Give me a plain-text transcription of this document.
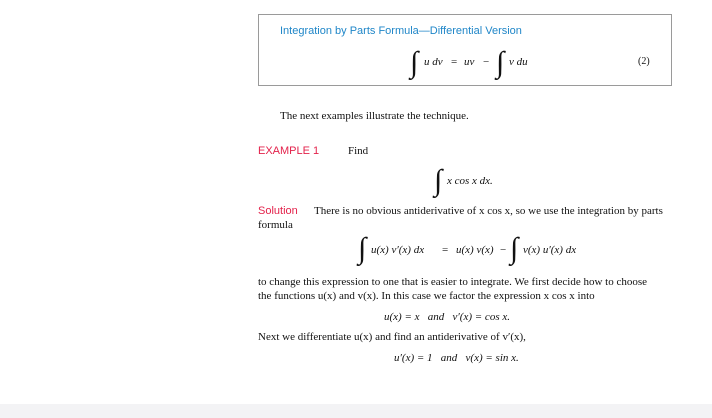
Integration by Parts Formula—Differential Version
∫ u dv = uv − ∫ v du	(2)
The next examples illustrate the technique.
EXAMPLE 1	Find
∫ x cos x dx.
Solution There is no obvious antiderivative of x cos x, so we use the integration by parts
formula
∫ u(x) v′(x) dx = u(x) v(x) − ∫ v(x) u′(x) dx
to change this expression to one that is easier to integrate. We first decide how to choose
the functions u(x) and v(x). In this case we factor the expression x cos x into
u(x) = x   and   v′(x) = cos x.
Next we differentiate u(x) and find an antiderivative of v′(x),
u′(x) = 1   and   v(x) = sin x.
